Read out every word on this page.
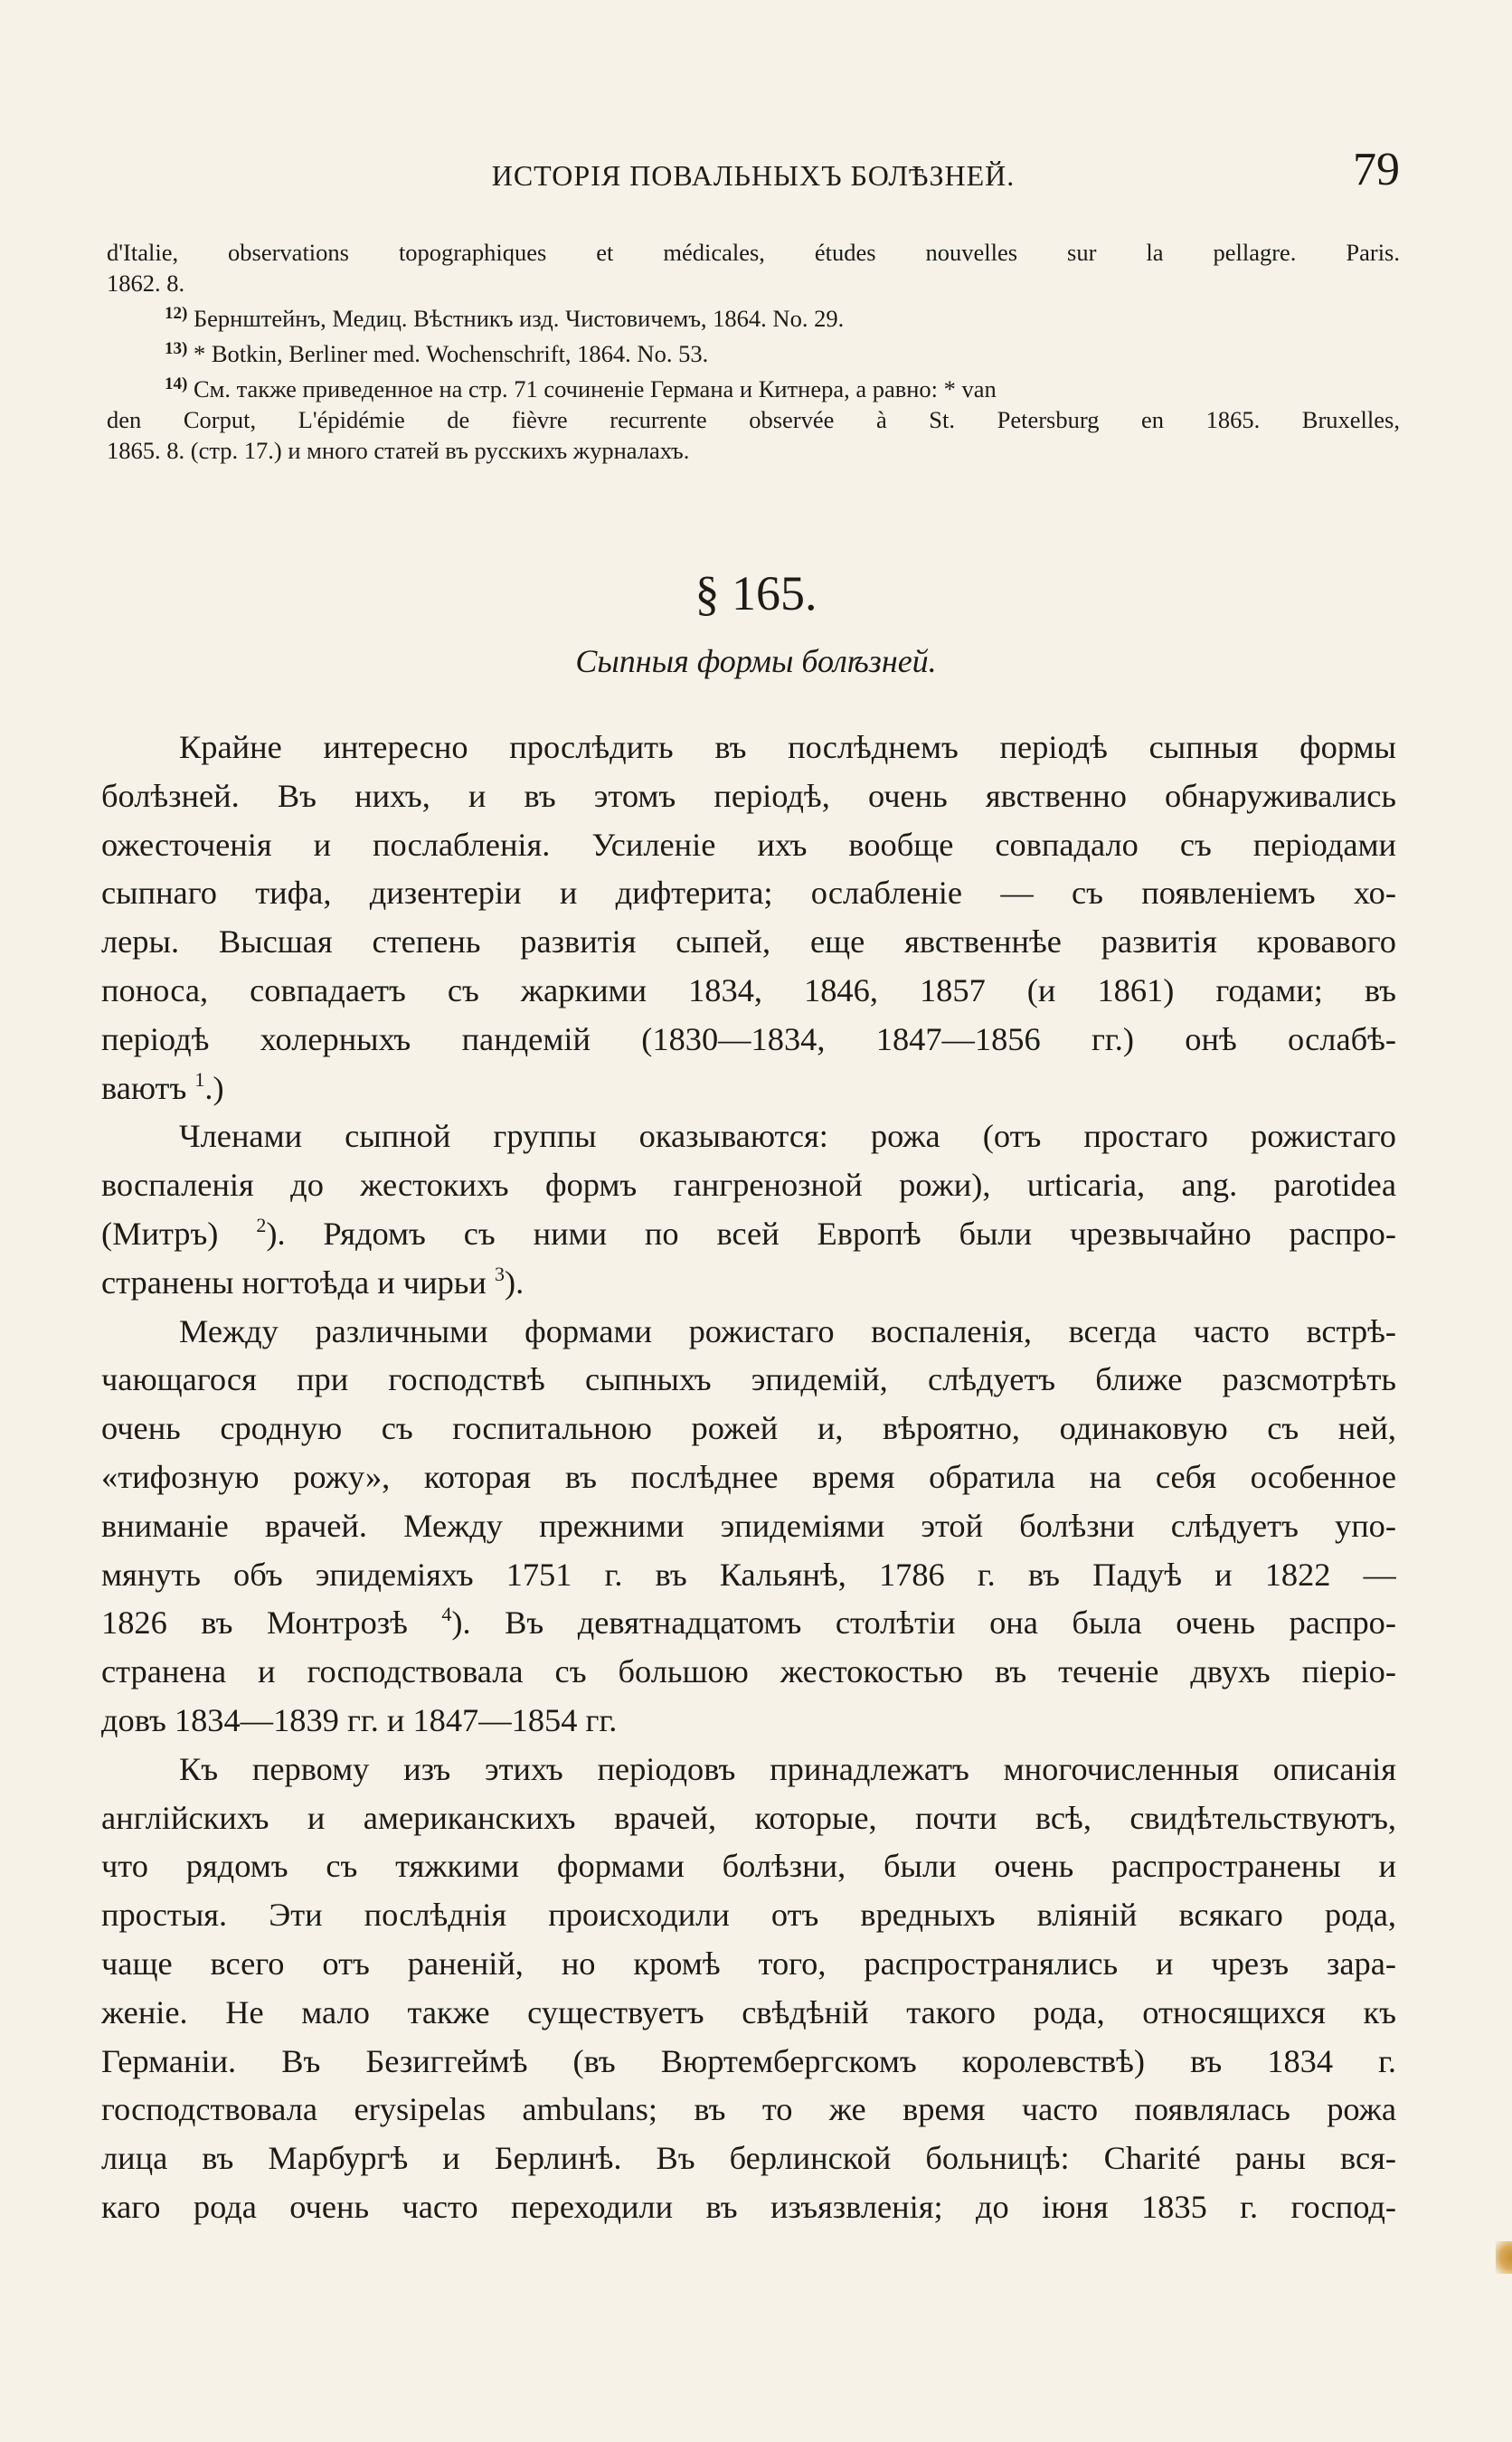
ИСТОРІЯ ПОВАЛЬНЫХЪ БОЛѢЗНЕЙ.	79
d'Italie, observations topographiques et médicales, études nouvelles sur la pellagre. Paris.
1862. 8.
$^{12)}$ Бернштейнъ, Медиц. Вѣстникъ изд. Чистовичемъ, 1864. No. 29.
$^{13)}$ * Botkin, Berliner med. Wochenschrift, 1864. No. 53.
$^{14)}$ См. также приведенное на стр. 71 сочиненіе Германа и Китнера, а равно: * van
den Corput, L'épidémie de fièvre recurrente observée à St. Petersburg en 1865. Bruxelles,
1865. 8. (стр. 17.) и много статей въ русскихъ журналахъ.
§ 165.
Сыпныя формы болѣзней.
Крайне интересно прослѣдить въ послѣднемъ періодѣ сыпныя формы
болѣзней. Въ нихъ, и въ этомъ періодѣ, очень явственно обнаруживались
ожесточенія и послабленія. Усиленіе ихъ вообще совпадало съ періодами
сыпнаго тифа, дизентеріи и дифтерита; ослабленіе — съ появленіемъ хо-
леры. Высшая степень развитія сыпей, еще явственнѣе развитія кровавого
поноса, совпадаетъ съ жаркими 1834, 1846, 1857 (и 1861) годами; въ
періодѣ холерныхъ пандемій (1830—1834, 1847—1856 гг.) онѣ ослабѣ-
ваютъ $^1$.)
Членами сыпной группы оказываются: рожа (отъ простаго рожистаго
воспаленія до жестокихъ формъ гангренозной рожи), urticaria, ang. parotidea
(Митръ) $^2$). Рядомъ съ ними по всей Европѣ были чрезвычайно распро-
странены ногтоѣда и чирьи $^3$).
Между различными формами рожистаго воспаленія, всегда часто встрѣ-
чающагося при господствѣ сыпныхъ эпидемій, слѣдуетъ ближе разсмотрѣть
очень сродную съ госпитальною рожей и, вѣроятно, одинаковую съ ней,
«тифозную рожу», которая въ послѣднее время обратила на себя особенное
вниманіе врачей. Между прежними эпидеміями этой болѣзни слѣдуетъ упо-
мянуть объ эпидеміяхъ 1751 г. въ Кальянѣ, 1786 г. въ Падуѣ и 1822 —
1826 въ Монтрозѣ $^4$). Въ девятнадцатомъ столѣтіи она была очень распро-
странена и господствовала съ большою жестокостью въ теченіе двухъ піеріо-
довъ 1834—1839 гг. и 1847—1854 гг.
Къ первому изъ этихъ періодовъ принадлежатъ многочисленныя описанія
англійскихъ и американскихъ врачей, которые, почти всѣ, свидѣтельствуютъ,
что рядомъ съ тяжкими формами болѣзни, были очень распространены и
простыя. Эти послѣднія происходили отъ вредныхъ вліяній всякаго рода,
чаще всего отъ раненій, но кромѣ того, распространялись и чрезъ зара-
женіе. Не мало также существуетъ свѣдѣній такого рода, относящихся къ
Германіи. Въ Безиггеймѣ (въ Вюртембергскомъ королевствѣ) въ 1834 г.
господствовала erysipelas ambulans; въ то же время часто появлялась рожа
лица въ Марбургѣ и Берлинѣ. Въ берлинской больницѣ: Charité раны вся-
каго рода очень часто переходили въ изъязвленія; до іюня 1835 г. господ-
